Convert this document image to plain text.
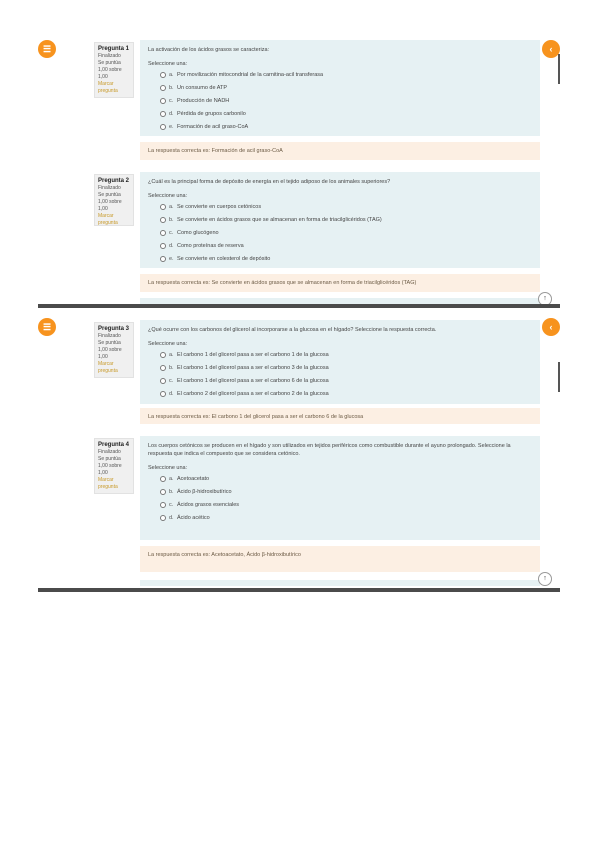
☰	‹
Pregunta 1
Finalizado
Se puntúa 1,00 sobre 1,00
Marcar pregunta
La activación de los ácidos grasos se caracteriza:
Seleccione una:
a. Por movilización mitocondrial de la carnitina-acil transferasa
b. Un consumo de ATP
c. Producción de NADH
d. Pérdida de grupos carbonilo
e. Formación de acil graso-CoA
La respuesta correcta es: Formación de acil graso-CoA
Pregunta 2
Finalizado
Se puntúa 1,00 sobre 1,00
Marcar pregunta
¿Cuál es la principal forma de depósito de energía en el tejido adiposo de los animales superiores?
Seleccione una:
a. Se convierte en cuerpos cetónicos
b. Se convierte en ácidos grasos que se almacenan en forma de triacilglicéridos (TAG)
c. Como glucógeno
d. Como proteínas de reserva
e. Se convierte en colesterol de depósito
La respuesta correcta es: Se convierte en ácidos grasos que se almacenan en forma de triacilglicéridos (TAG)
↑
☰	‹
Pregunta 3
Finalizado
Se puntúa 1,00 sobre 1,00
Marcar pregunta
¿Qué ocurre con los carbonos del glicerol al incorporarse a la glucosa en el hígado? Seleccione la respuesta correcta.
Seleccione una:
a. El carbono 1 del glicerol pasa a ser el carbono 1 de la glucosa
b. El carbono 1 del glicerol pasa a ser el carbono 3 de la glucosa
c. El carbono 1 del glicerol pasa a ser el carbono 6 de la glucosa
d. El carbono 2 del glicerol pasa a ser el carbono 2 de la glucosa
La respuesta correcta es: El carbono 1 del glicerol pasa a ser el carbono 6 de la glucosa
Pregunta 4
Finalizado
Se puntúa 1,00 sobre 1,00
Marcar pregunta
Los cuerpos cetónicos se producen en el hígado y son utilizados en tejidos periféricos como combustible durante el ayuno prolongado. Seleccione la respuesta que indica el compuesto que se considera cetónico.
Seleccione una:
a. Acetoacetato
b. Ácido β-hidroxibutírico
c. Ácidos grasos esenciales
d. Ácido acético
La respuesta correcta es: Acetoacetato, Ácido β-hidroxibutírico
↑
